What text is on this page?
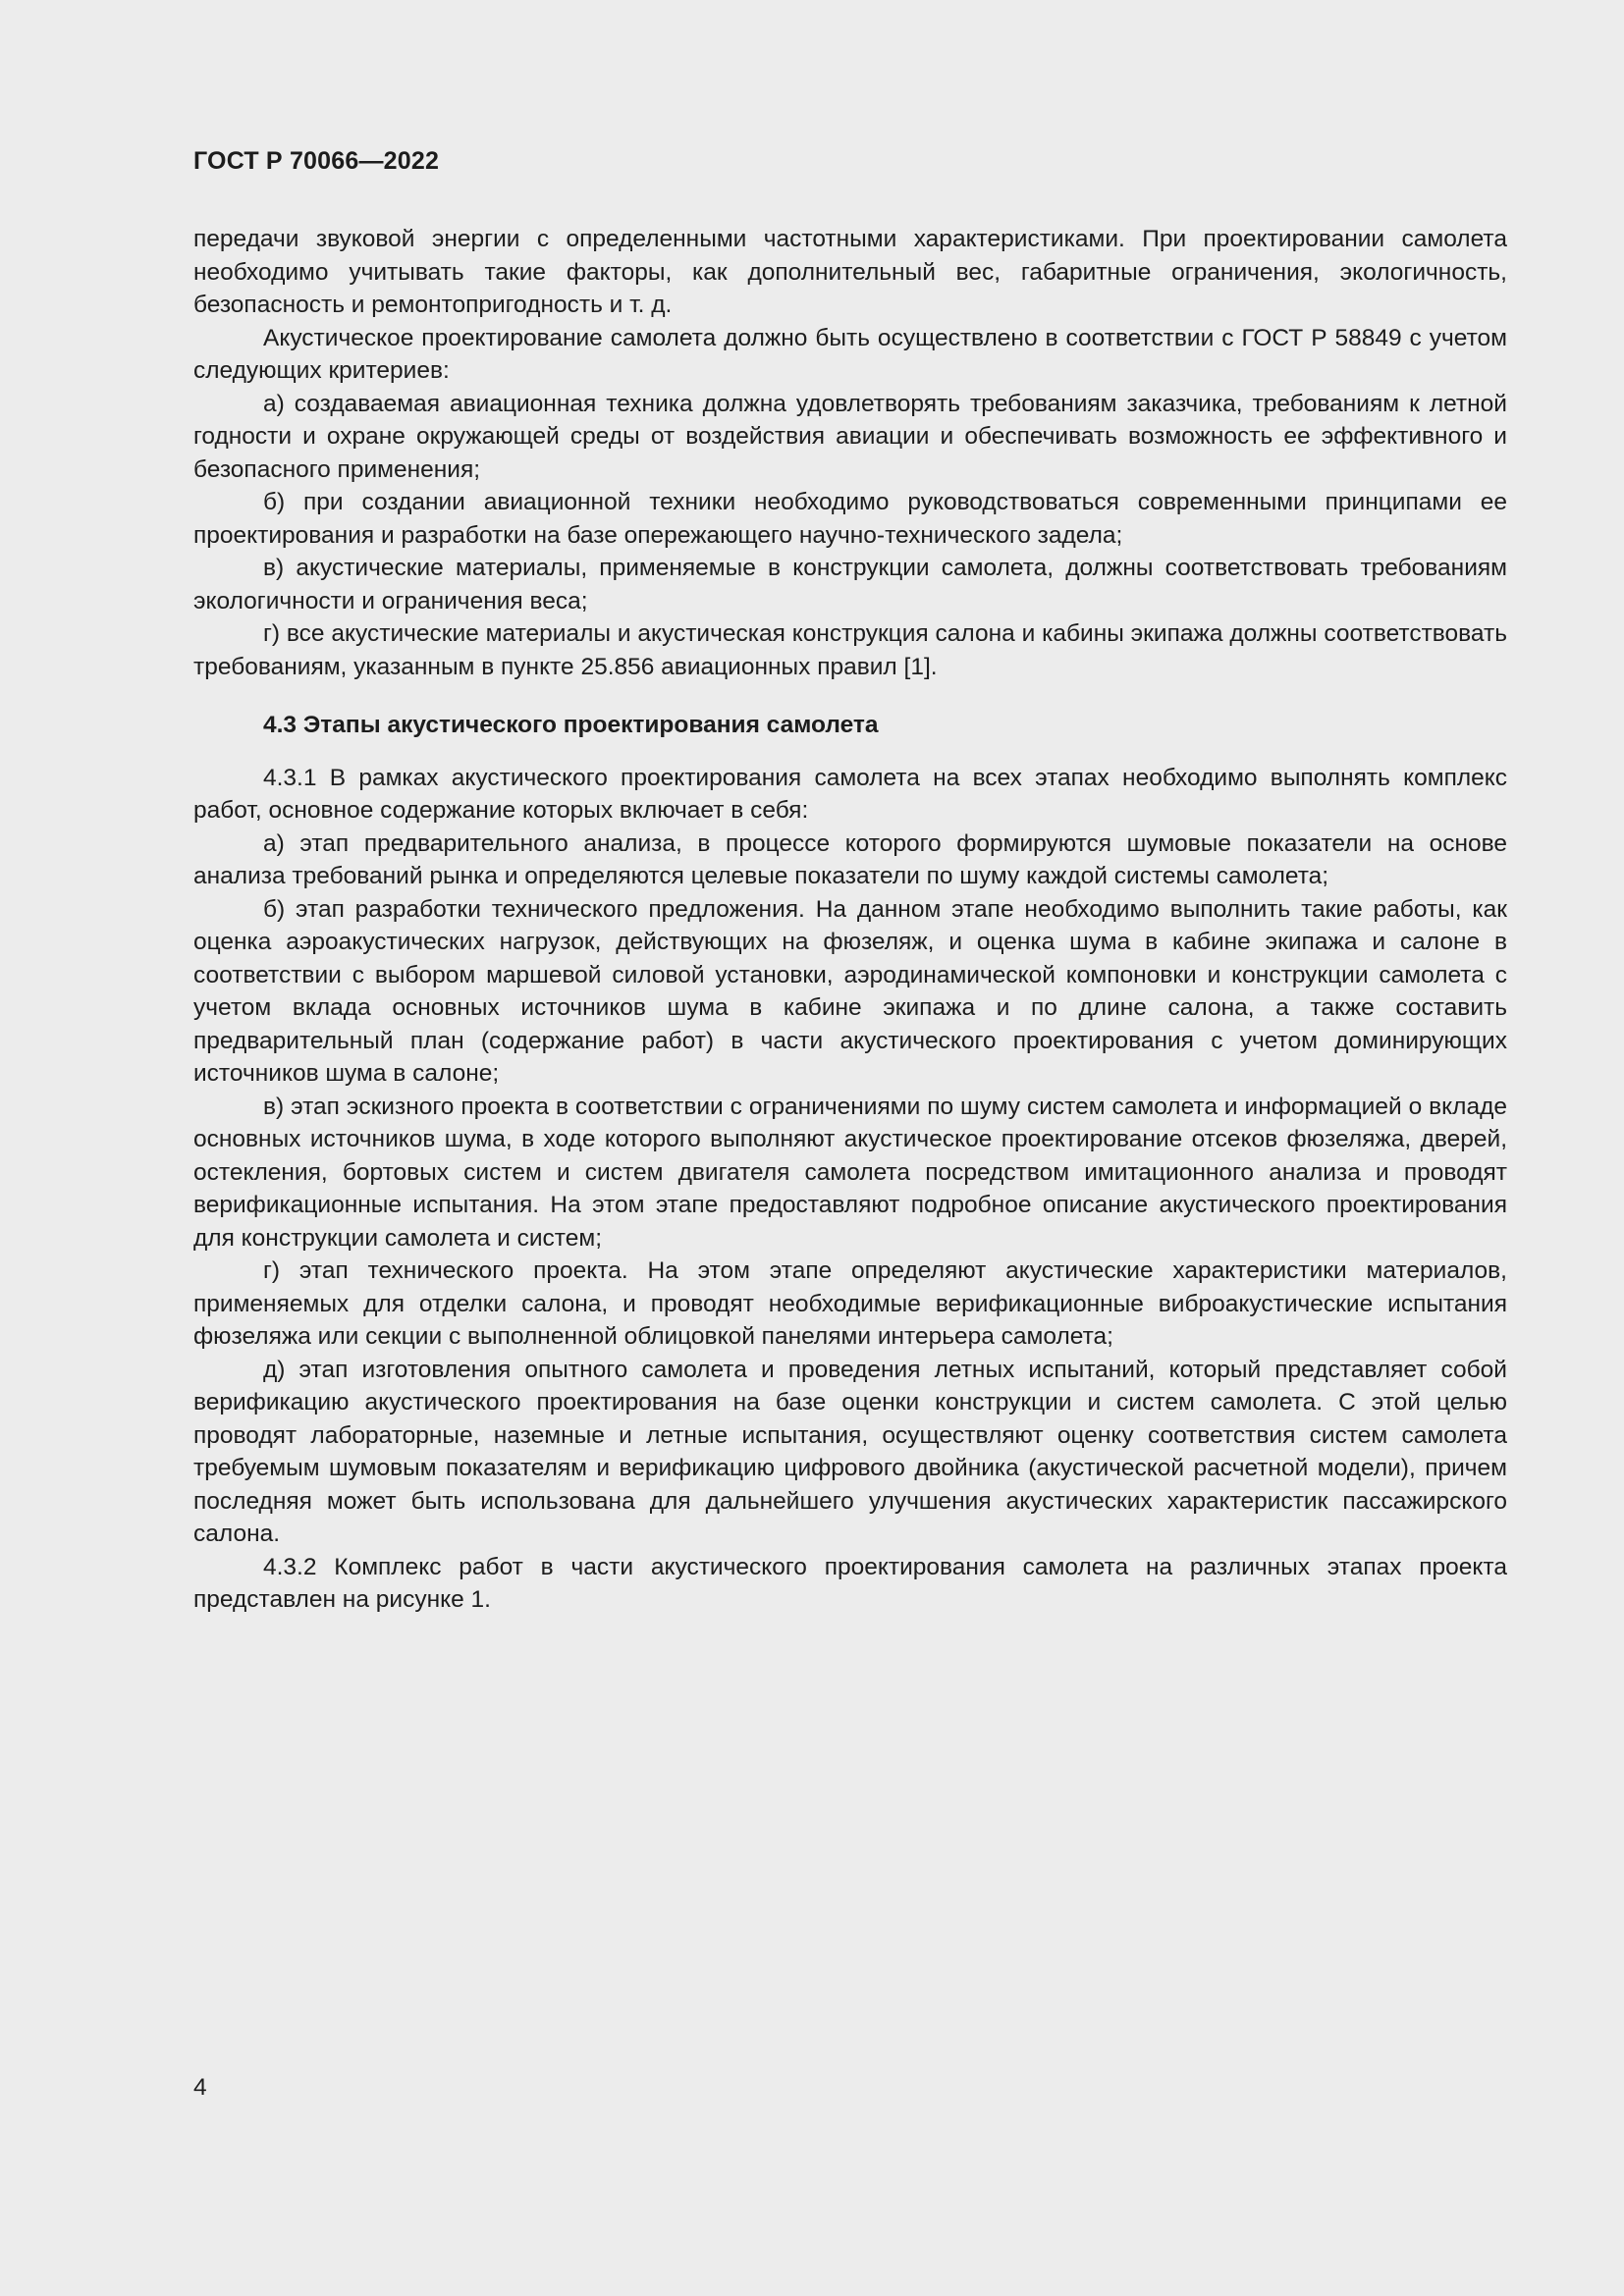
ГОСТ Р 70066—2022

передачи звуковой энергии с определенными частотными характеристиками. При проектировании самолета необходимо учитывать такие факторы, как дополнительный вес, габаритные ограничения, экологичность, безопасность и ремонтопригодность и т. д.

Акустическое проектирование самолета должно быть осуществлено в соответствии с ГОСТ Р 58849 с учетом следующих критериев:

а) создаваемая авиационная техника должна удовлетворять требованиям заказчика, требованиям к летной годности и охране окружающей среды от воздействия авиации и обеспечивать возможность ее эффективного и безопасного применения;

б) при создании авиационной техники необходимо руководствоваться современными принципами ее проектирования и разработки на базе опережающего научно-технического задела;

в) акустические материалы, применяемые в конструкции самолета, должны соответствовать требованиям экологичности и ограничения веса;

г) все акустические материалы и акустическая конструкция салона и кабины экипажа должны соответствовать требованиям, указанным в пункте 25.856 авиационных правил [1].

4.3 Этапы акустического проектирования самолета

4.3.1 В рамках акустического проектирования самолета на всех этапах необходимо выполнять комплекс работ, основное содержание которых включает в себя:

а) этап предварительного анализа, в процессе которого формируются шумовые показатели на основе анализа требований рынка и определяются целевые показатели по шуму каждой системы самолета;

б) этап разработки технического предложения. На данном этапе необходимо выполнить такие работы, как оценка аэроакустических нагрузок, действующих на фюзеляж, и оценка шума в кабине экипажа и салоне в соответствии с выбором маршевой силовой установки, аэродинамической компоновки и конструкции самолета с учетом вклада основных источников шума в кабине экипажа и по длине салона, а также составить предварительный план (содержание работ) в части акустического проектирования с учетом доминирующих источников шума в салоне;

в) этап эскизного проекта в соответствии с ограничениями по шуму систем самолета и информацией о вкладе основных источников шума, в ходе которого выполняют акустическое проектирование отсеков фюзеляжа, дверей, остекления, бортовых систем и систем двигателя самолета посредством имитационного анализа и проводят верификационные испытания. На этом этапе предоставляют подробное описание акустического проектирования для конструкции самолета и систем;

г) этап технического проекта. На этом этапе определяют акустические характеристики материалов, применяемых для отделки салона, и проводят необходимые верификационные виброакустические испытания фюзеляжа или секции с выполненной облицовкой панелями интерьера самолета;

д) этап изготовления опытного самолета и проведения летных испытаний, который представляет собой верификацию акустического проектирования на базе оценки конструкции и систем самолета. С этой целью проводят лабораторные, наземные и летные испытания, осуществляют оценку соответствия систем самолета требуемым шумовым показателям и верификацию цифрового двойника (акустической расчетной модели), причем последняя может быть использована для дальнейшего улучшения акустических характеристик пассажирского салона.

4.3.2 Комплекс работ в части акустического проектирования самолета на различных этапах проекта представлен на рисунке 1.

4
